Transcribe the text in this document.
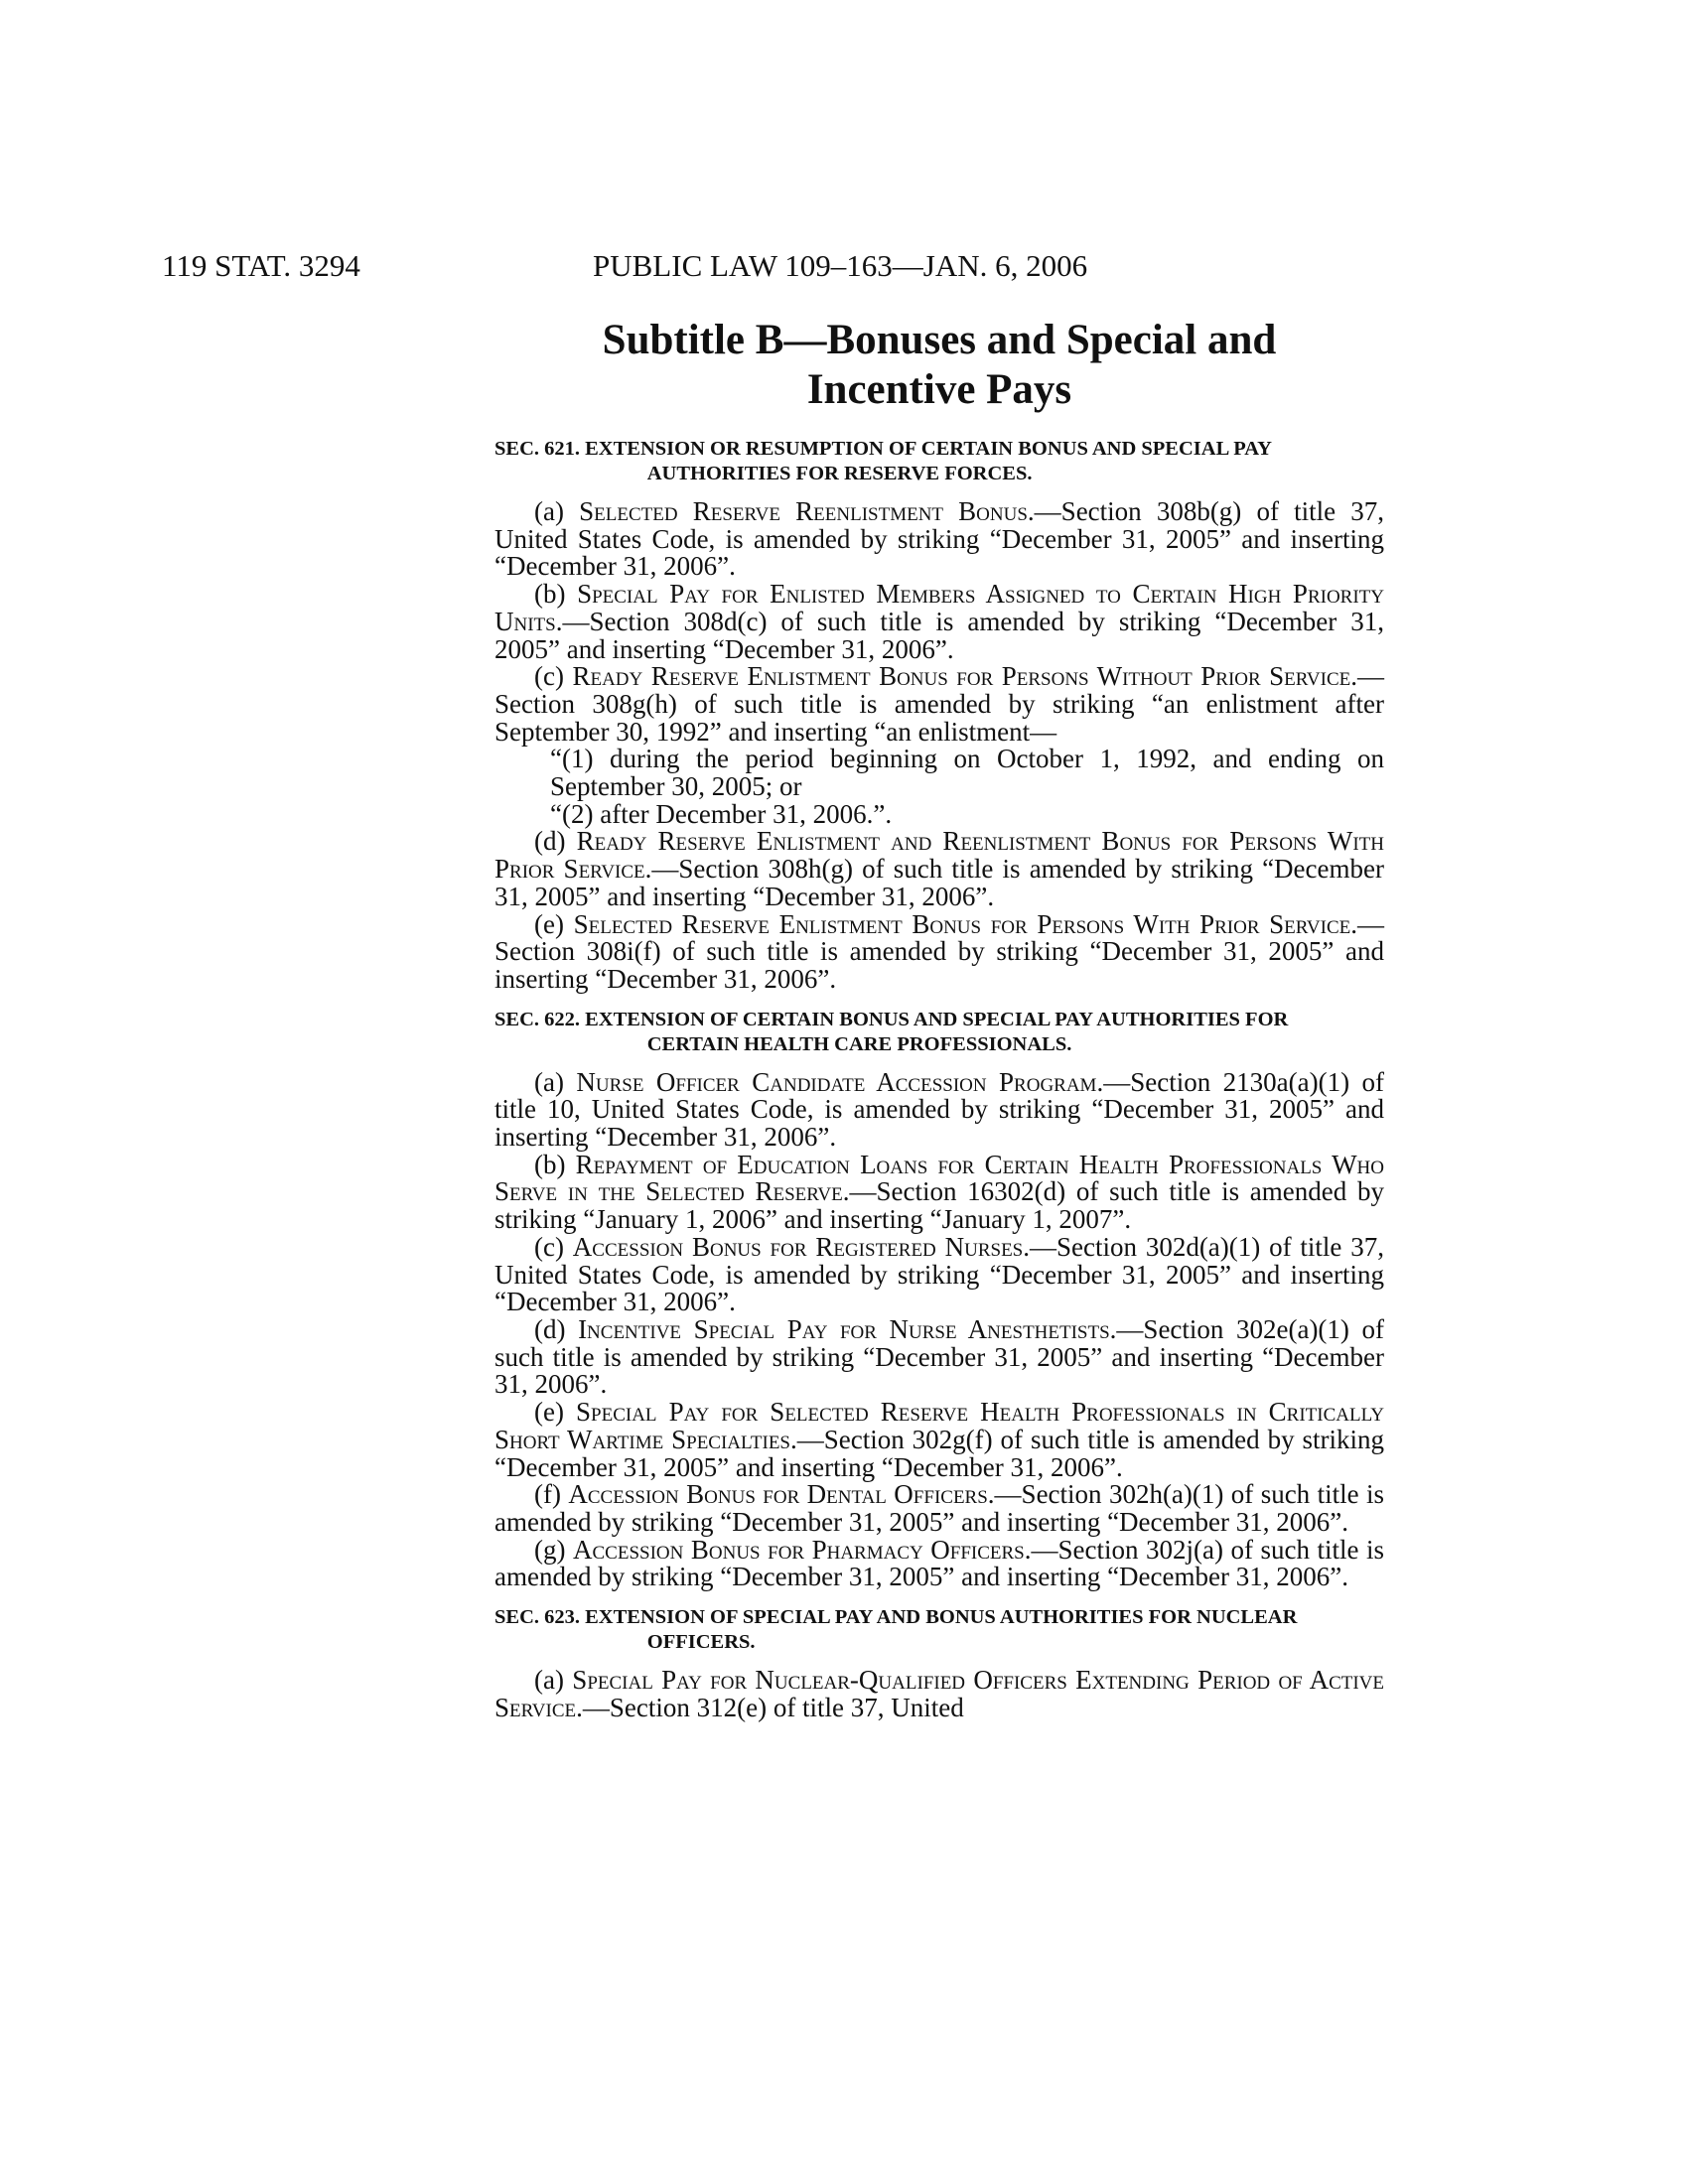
119 STAT. 3294	PUBLIC LAW 109–163—JAN. 6, 2006
Subtitle B—Bonuses and Special and
Incentive Pays

SEC. 621. EXTENSION OR RESUMPTION OF CERTAIN BONUS AND SPECIAL PAY AUTHORITIES FOR RESERVE FORCES.

(a) Selected Reserve Reenlistment Bonus.—Section 308b(g) of title 37, United States Code, is amended by striking “December 31, 2005” and inserting “December 31, 2006”.

(b) Special Pay for Enlisted Members Assigned to Certain High Priority Units.—Section 308d(c) of such title is amended by striking “December 31, 2005” and inserting “December 31, 2006”.

(c) Ready Reserve Enlistment Bonus for Persons Without Prior Service.—Section 308g(h) of such title is amended by striking “an enlistment after September 30, 1992” and inserting “an enlistment—

“(1) during the period beginning on October 1, 1992, and ending on September 30, 2005; or

“(2) after December 31, 2006.”.

(d) Ready Reserve Enlistment and Reenlistment Bonus for Persons With Prior Service.—Section 308h(g) of such title is amended by striking “December 31, 2005” and inserting “December 31, 2006”.

(e) Selected Reserve Enlistment Bonus for Persons With Prior Service.—Section 308i(f) of such title is amended by striking “December 31, 2005” and inserting “December 31, 2006”.

SEC. 622. EXTENSION OF CERTAIN BONUS AND SPECIAL PAY AUTHORITIES FOR CERTAIN HEALTH CARE PROFESSIONALS.

(a) Nurse Officer Candidate Accession Program.—Section 2130a(a)(1) of title 10, United States Code, is amended by striking “December 31, 2005” and inserting “December 31, 2006”.

(b) Repayment of Education Loans for Certain Health Professionals Who Serve in the Selected Reserve.—Section 16302(d) of such title is amended by striking “January 1, 2006” and inserting “January 1, 2007”.

(c) Accession Bonus for Registered Nurses.—Section 302d(a)(1) of title 37, United States Code, is amended by striking “December 31, 2005” and inserting “December 31, 2006”.

(d) Incentive Special Pay for Nurse Anesthetists.—Section 302e(a)(1) of such title is amended by striking “December 31, 2005” and inserting “December 31, 2006”.

(e) Special Pay for Selected Reserve Health Professionals in Critically Short Wartime Specialties.—Section 302g(f) of such title is amended by striking “December 31, 2005” and inserting “December 31, 2006”.

(f) Accession Bonus for Dental Officers.—Section 302h(a)(1) of such title is amended by striking “December 31, 2005” and inserting “December 31, 2006”.

(g) Accession Bonus for Pharmacy Officers.—Section 302j(a) of such title is amended by striking “December 31, 2005” and inserting “December 31, 2006”.

SEC. 623. EXTENSION OF SPECIAL PAY AND BONUS AUTHORITIES FOR NUCLEAR OFFICERS.

(a) Special Pay for Nuclear-Qualified Officers Extending Period of Active Service.—Section 312(e) of title 37, United
